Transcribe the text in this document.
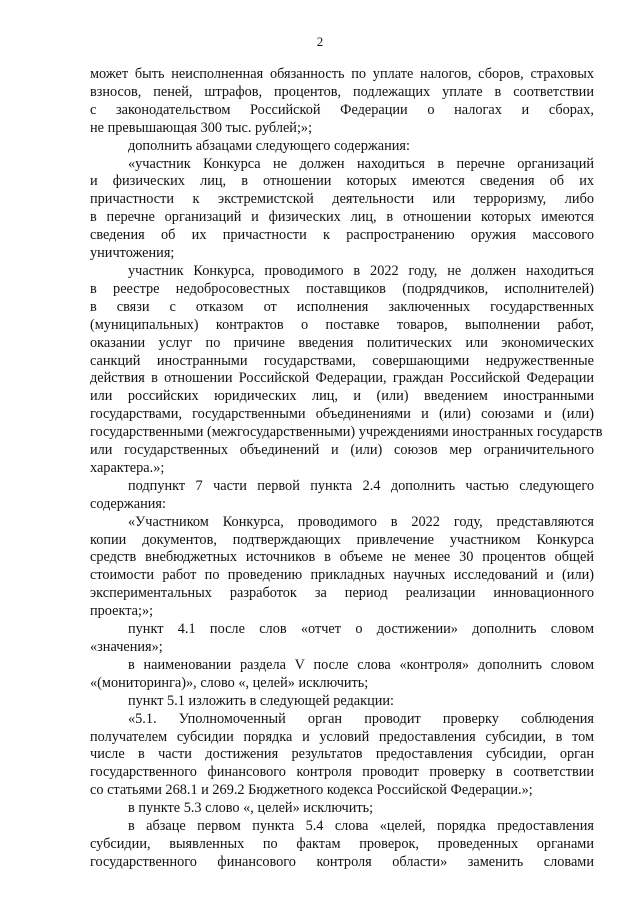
2
может быть неисполненная обязанность по уплате налогов, сборов, страховых
взносов, пеней, штрафов, процентов, подлежащих уплате в соответствии
с законодательством Российской Федерации о налогах и сборах,
не превышающая 300 тыс. рублей;»;
дополнить абзацами следующего содержания:
«участник Конкурса не должен находиться в перечне организаций
и физических лиц, в отношении которых имеются сведения об их
причастности к экстремистской деятельности или терроризму, либо
в перечне организаций и физических лиц, в отношении которых имеются
сведения об их причастности к распространению оружия массового
уничтожения;
участник Конкурса, проводимого в 2022 году, не должен находиться
в реестре недобросовестных поставщиков (подрядчиков, исполнителей)
в связи с отказом от исполнения заключенных государственных
(муниципальных) контрактов о поставке товаров, выполнении работ,
оказании услуг по причине введения политических или экономических
санкций иностранными государствами, совершающими недружественные
действия в отношении Российской Федерации, граждан Российской Федерации
или российских юридических лиц, и (или) введением иностранными
государствами, государственными объединениями и (или) союзами и (или)
государственными (межгосударственными) учреждениями иностранных государств
или государственных объединений и (или) союзов мер ограничительного
характера.»;
подпункт 7 части первой пункта 2.4 дополнить частью следующего
содержания:
«Участником Конкурса, проводимого в 2022 году, представляются
копии документов, подтверждающих привлечение участником Конкурса
средств внебюджетных источников в объеме не менее 30 процентов общей
стоимости работ по проведению прикладных научных исследований и (или)
экспериментальных разработок за период реализации инновационного
проекта;»;
пункт 4.1 после слов «отчет о достижении» дополнить словом
«значения»;
в наименовании раздела V после слова «контроля» дополнить словом
«(мониторинга)», слово «, целей» исключить;
пункт 5.1 изложить в следующей редакции:
«5.1. Уполномоченный орган проводит проверку соблюдения
получателем субсидии порядка и условий предоставления субсидии, в том
числе в части достижения результатов предоставления субсидии, орган
государственного финансового контроля проводит проверку в соответствии
со статьями 268.1 и 269.2 Бюджетного кодекса Российской Федерации.»;
в пункте 5.3 слово «, целей» исключить;
в абзаце первом пункта 5.4 слова «целей, порядка предоставления
субсидии, выявленных по фактам проверок, проведенных органами
государственного финансового контроля области» заменить словами
